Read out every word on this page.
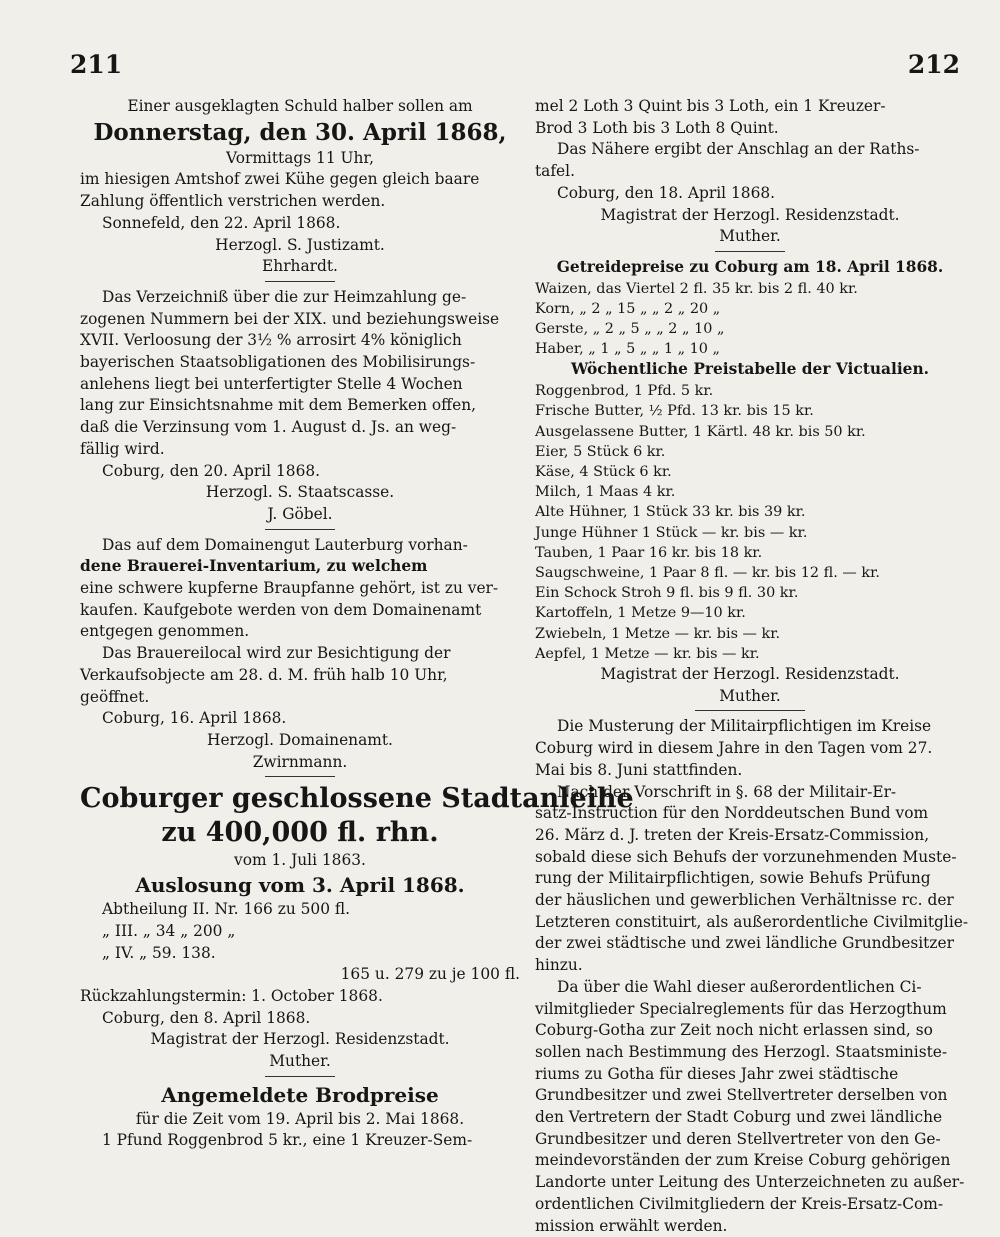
211	212
Einer ausgeklagten Schuld halber sollen am
Donnerstag, den 30. April 1868,
Vormittags 11 Uhr,
im hiesigen Amtshof zwei Kühe gegen gleich baare
Zahlung öffentlich verstrichen werden.
Sonnefeld, den 22. April 1868.
Herzogl. S. Justizamt.
Ehrhardt.
Das Verzeichniß über die zur Heimzahlung ge-
zogenen Nummern bei der XIX. und beziehungsweise
XVII. Verloosung der 3½ % arrosirt 4% königlich
bayerischen Staatsobligationen des Mobilisirungs-
anlehens liegt bei unterfertigter Stelle 4 Wochen
lang zur Einsichtsnahme mit dem Bemerken offen,
daß die Verzinsung vom 1. August d. Js. an weg-
fällig wird.
Coburg, den 20. April 1868.
Herzogl. S. Staatscasse.
J. Göbel.
Das auf dem Domainengut Lauterburg vorhan-
dene Brauerei-Inventarium, zu welchem
eine schwere kupferne Braupfanne gehört, ist zu ver-
kaufen. Kaufgebote werden von dem Domainenamt
entgegen genommen.
Das Brauereilocal wird zur Besichtigung der
Verkaufsobjecte am 28. d. M. früh halb 10 Uhr,
geöffnet.
Coburg, 16. April 1868.
Herzogl. Domainenamt.
Zwirnmann.
Coburger geschlossene Stadtanleihe
zu 400,000 fl. rhn.
vom 1. Juli 1863.
Auslosung vom 3. April 1868.
Abtheilung II. Nr. 166 zu 500 fl.
„ III. „ 34 „ 200 „
„ IV. „ 59. 138.
165 u. 279 zu je 100 fl.
Rückzahlungstermin: 1. October 1868.
Coburg, den 8. April 1868.
Magistrat der Herzogl. Residenzstadt.
Muther.
Angemeldete Brodpreise
für die Zeit vom 19. April bis 2. Mai 1868.
1 Pfund Roggenbrod 5 kr., eine 1 Kreuzer-Sem-
mel 2 Loth 3 Quint bis 3 Loth, ein 1 Kreuzer-
Brod 3 Loth bis 3 Loth 8 Quint.
Das Nähere ergibt der Anschlag an der Raths-
tafel.
Coburg, den 18. April 1868.
Magistrat der Herzogl. Residenzstadt.
Muther.
Getreidepreise zu Coburg am 18. April 1868.
Waizen, das Viertel 2 fl. 35 kr. bis 2 fl. 40 kr.
Korn, „ 2 „ 15 „ „ 2 „ 20 „
Gerste, „ 2 „ 5 „ „ 2 „ 10 „
Haber, „ 1 „ 5 „ „ 1 „ 10 „
Wöchentliche Preistabelle der Victualien.
Roggenbrod, 1 Pfd. 5 kr.
Frische Butter, ½ Pfd. 13 kr. bis 15 kr.
Ausgelassene Butter, 1 Kärtl. 48 kr. bis 50 kr.
Eier, 5 Stück 6 kr.
Käse, 4 Stück 6 kr.
Milch, 1 Maas 4 kr.
Alte Hühner, 1 Stück 33 kr. bis 39 kr.
Junge Hühner 1 Stück — kr. bis — kr.
Tauben, 1 Paar 16 kr. bis 18 kr.
Saugschweine, 1 Paar 8 fl. — kr. bis 12 fl. — kr.
Ein Schock Stroh 9 fl. bis 9 fl. 30 kr.
Kartoffeln, 1 Metze 9—10 kr.
Zwiebeln, 1 Metze — kr. bis — kr.
Aepfel, 1 Metze — kr. bis — kr.
Magistrat der Herzogl. Residenzstadt.
Muther.
Die Musterung der Militairpflichtigen im Kreise
Coburg wird in diesem Jahre in den Tagen vom 27.
Mai bis 8. Juni stattfinden.
Nach der Vorschrift in §. 68 der Militair-Er-
satz-Instruction für den Norddeutschen Bund vom
26. März d. J. treten der Kreis-Ersatz-Commission,
sobald diese sich Behufs der vorzunehmenden Muste-
rung der Militairpflichtigen, sowie Behufs Prüfung
der häuslichen und gewerblichen Verhältnisse rc. der
Letzteren constituirt, als außerordentliche Civilmitglie-
der zwei städtische und zwei ländliche Grundbesitzer
hinzu.
Da über die Wahl dieser außerordentlichen Ci-
vilmitglieder Specialreglements für das Herzogthum
Coburg-Gotha zur Zeit noch nicht erlassen sind, so
sollen nach Bestimmung des Herzogl. Staatsministe-
riums zu Gotha für dieses Jahr zwei städtische
Grundbesitzer und zwei Stellvertreter derselben von
den Vertretern der Stadt Coburg und zwei ländliche
Grundbesitzer und deren Stellvertreter von den Ge-
meindevorständen der zum Kreise Coburg gehörigen
Landorte unter Leitung des Unterzeichneten zu außer-
ordentlichen Civilmitgliedern der Kreis-Ersatz-Com-
mission erwählt werden.
